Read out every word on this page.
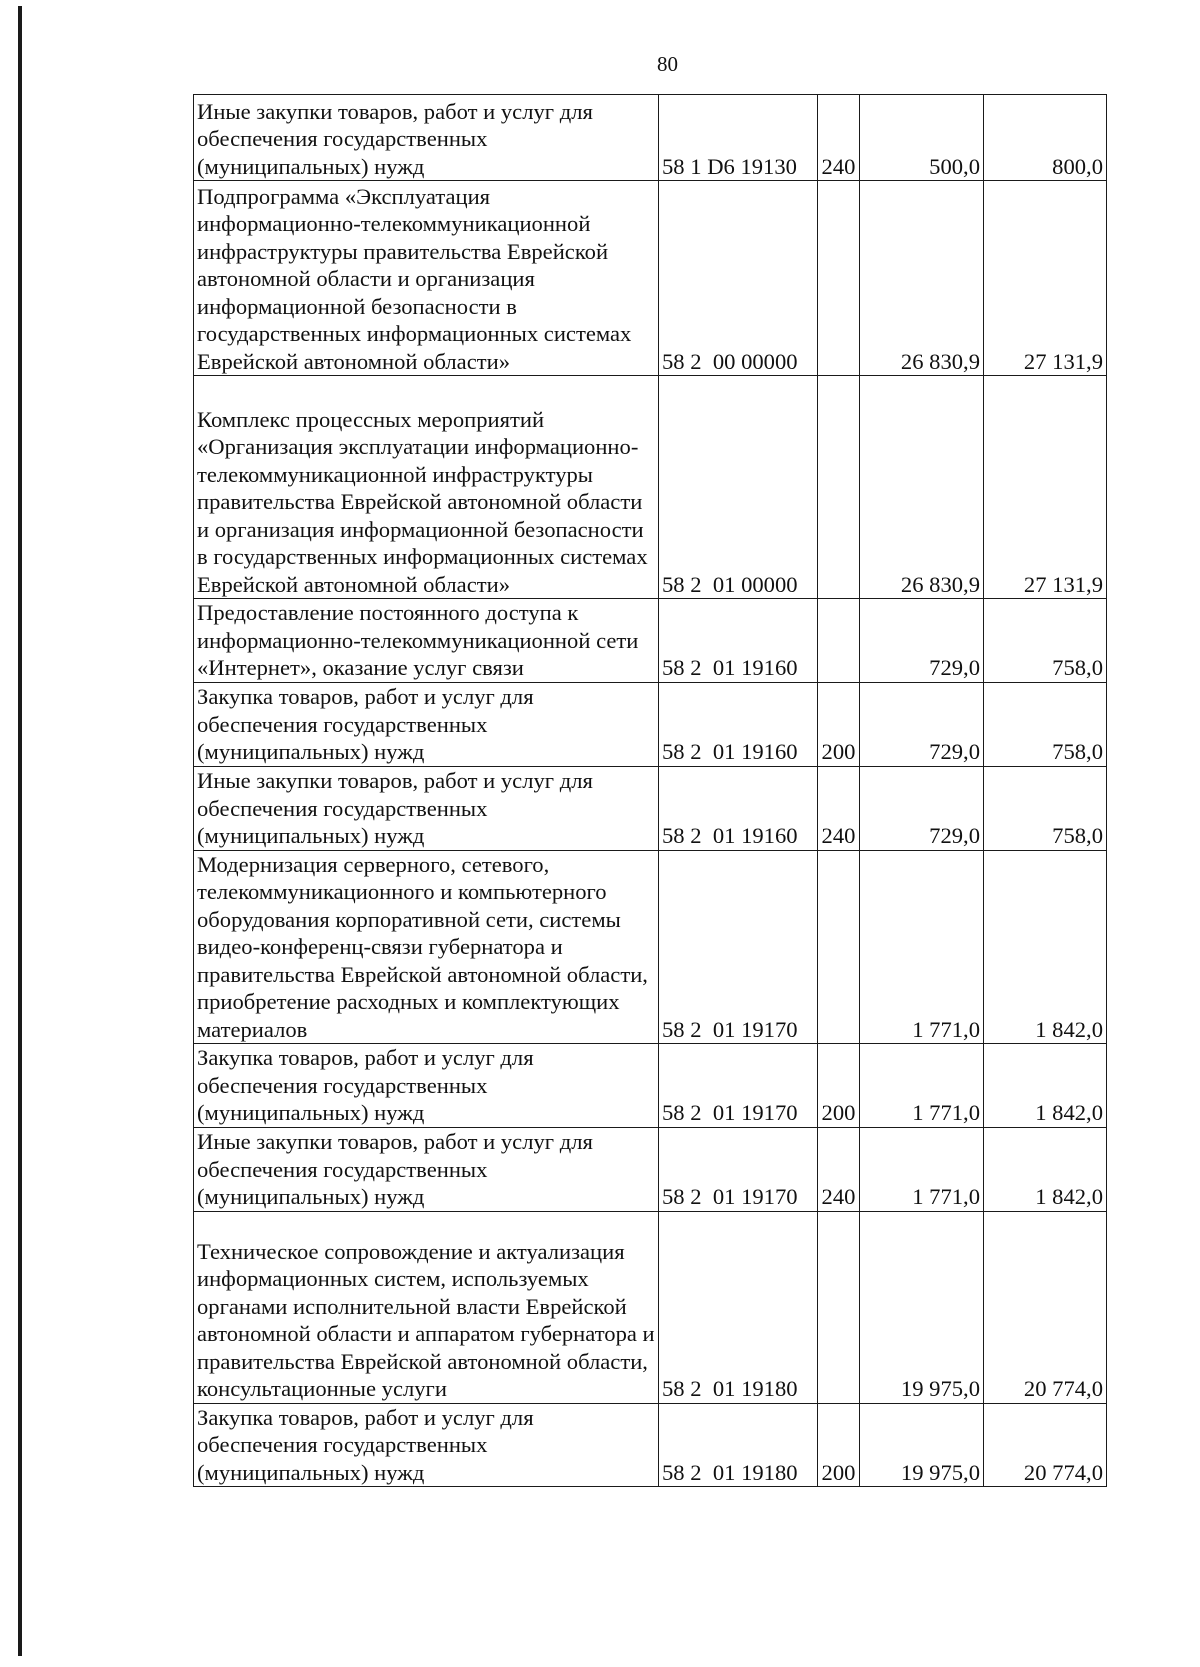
80
Иные закупки товаров, работ и услуг для обеспечения государственных (муниципальных) нужд	58 1 D6 19130	240	500,0	800,0
Подпрограмма «Эксплуатация информационно-телекоммуникационной инфраструктуры правительства Еврейской автономной области и организация информационной безопасности в государственных информационных системах Еврейской автономной области»	58 2  00 00000		26 830,9	27 131,9
Комплекс процессных мероприятий «Организация эксплуатации информационно-телекоммуникационной инфраструктуры правительства Еврейской автономной области и организация информационной безопасности в государственных информационных системах Еврейской автономной области»	58 2  01 00000		26 830,9	27 131,9
Предоставление постоянного доступа к информационно-телекоммуникационной сети «Интернет», оказание услуг связи	58 2  01 19160		729,0	758,0
Закупка товаров, работ и услуг для обеспечения государственных (муниципальных) нужд	58 2  01 19160	200	729,0	758,0
Иные закупки товаров, работ и услуг для обеспечения государственных (муниципальных) нужд	58 2  01 19160	240	729,0	758,0
Модернизация серверного, сетевого, телекоммуникационного и компьютерного оборудования корпоративной сети, системы видео-конференц-связи губернатора и правительства Еврейской автономной области, приобретение расходных и комплектующих материалов	58 2  01 19170		1 771,0	1 842,0
Закупка товаров, работ и услуг для обеспечения государственных (муниципальных) нужд	58 2  01 19170	200	1 771,0	1 842,0
Иные закупки товаров, работ и услуг для обеспечения государственных (муниципальных) нужд	58 2  01 19170	240	1 771,0	1 842,0
Техническое сопровождение и актуализация информационных систем, используемых органами исполнительной власти Еврейской автономной области и аппаратом губернатора и правительства Еврейской автономной области, консультационные услуги	58 2  01 19180		19 975,0	20 774,0
Закупка товаров, работ и услуг для обеспечения государственных (муниципальных) нужд	58 2  01 19180	200	19 975,0	20 774,0
